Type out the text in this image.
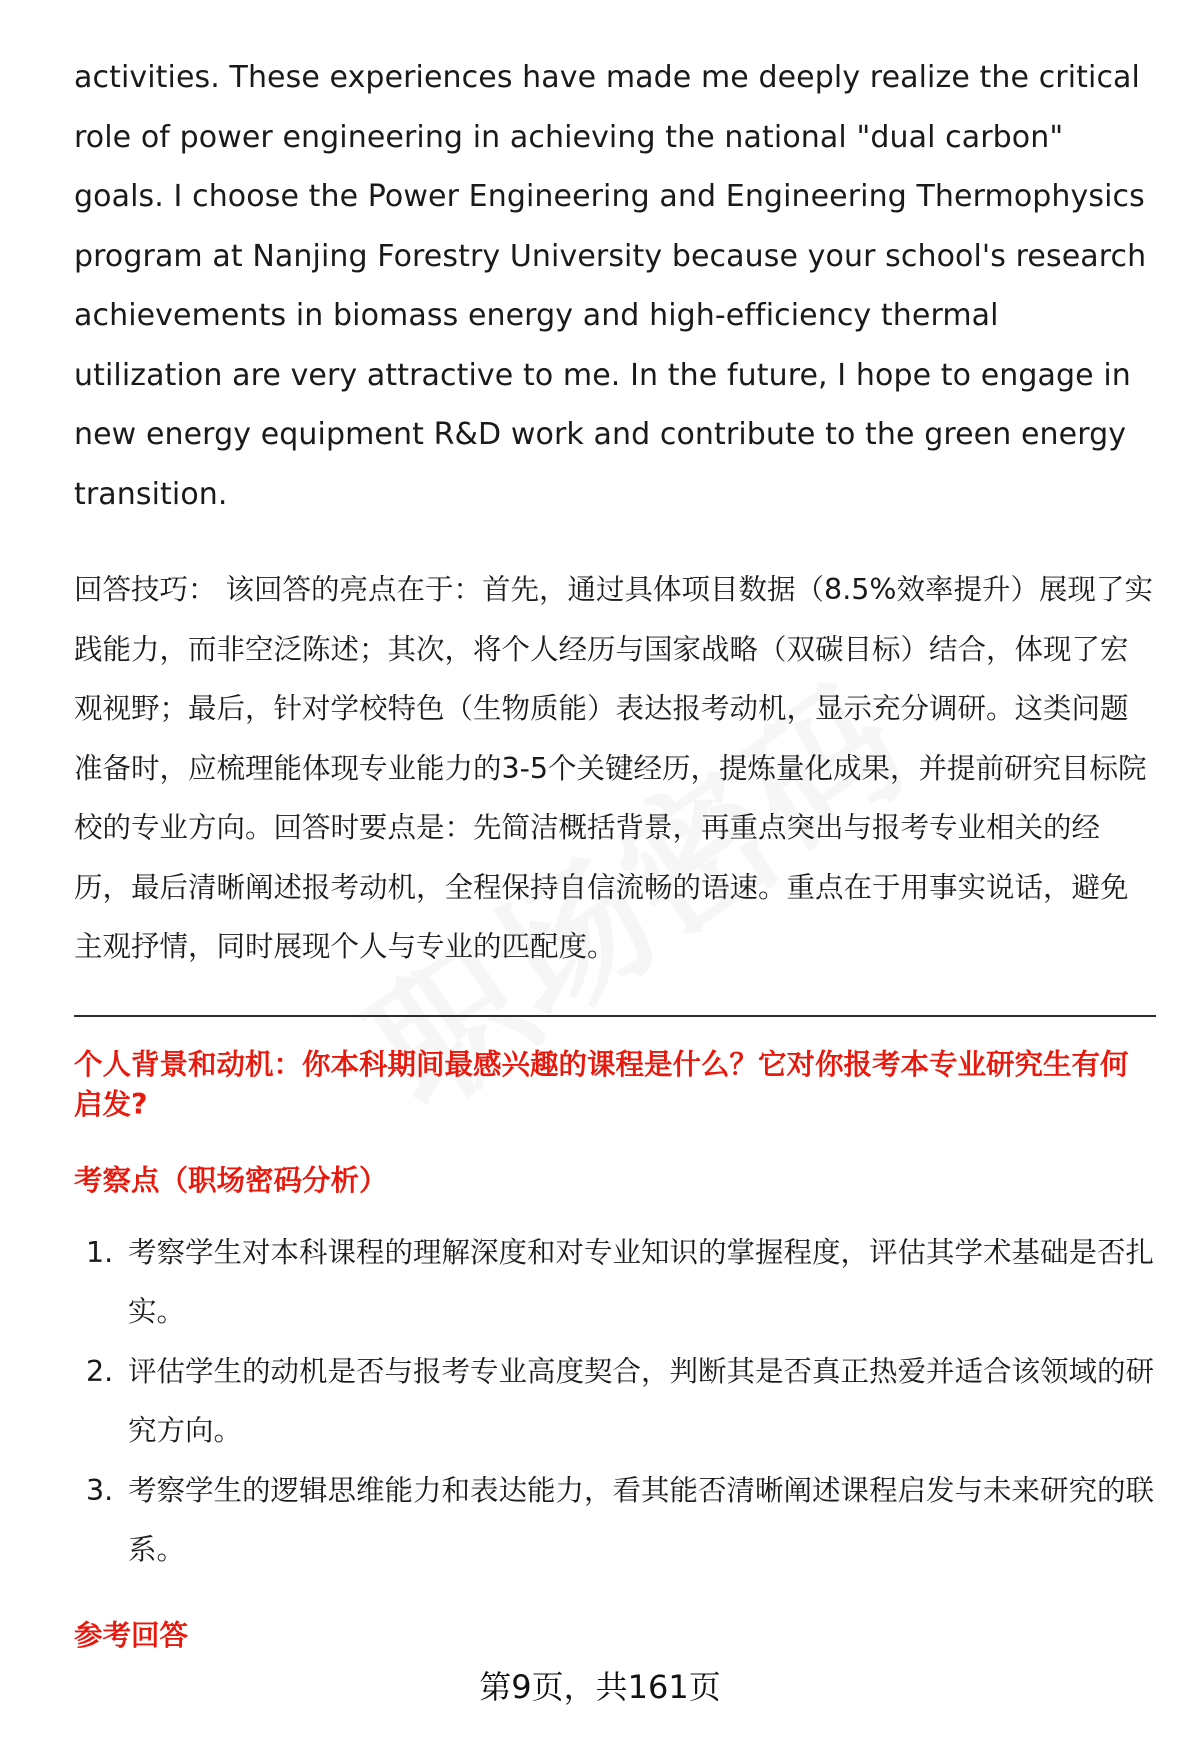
activities. These experiences have made me deeply realize the critical role of power engineering in achieving the national "dual carbon" goals. I choose the Power Engineering and Engineering Thermophysics program at Nanjing Forestry University because your school's research achievements in biomass energy and high-efficiency thermal utilization are very attractive to me. In the future, I hope to engage in new energy equipment R&D work and contribute to the green energy transition.

回答技巧： 该回答的亮点在于：首先，通过具体项目数据（8.5%效率提升）展现了实践能力，而非空泛陈述；其次，将个人经历与国家战略（双碳目标）结合，体现了宏观视野；最后，针对学校特色（生物质能）表达报考动机，显示充分调研。这类问题准备时，应梳理能体现专业能力的3-5个关键经历，提炼量化成果，并提前研究目标院校的专业方向。回答时要点是：先简洁概括背景，再重点突出与报考专业相关的经历，最后清晰阐述报考动机，全程保持自信流畅的语速。重点在于用事实说话，避免主观抒情，同时展现个人与专业的匹配度。

个人背景和动机：你本科期间最感兴趣的课程是什么？它对你报考本专业研究生有何启发?
考察点（职场密码分析）
1. 考察学生对本科课程的理解深度和对专业知识的掌握程度，评估其学术基础是否扎实。
2. 评估学生的动机是否与报考专业高度契合，判断其是否真正热爱并适合该领域的研究方向。
3. 考察学生的逻辑思维能力和表达能力，看其能否清晰阐述课程启发与未来研究的联系。
参考回答
第9页，共161页
